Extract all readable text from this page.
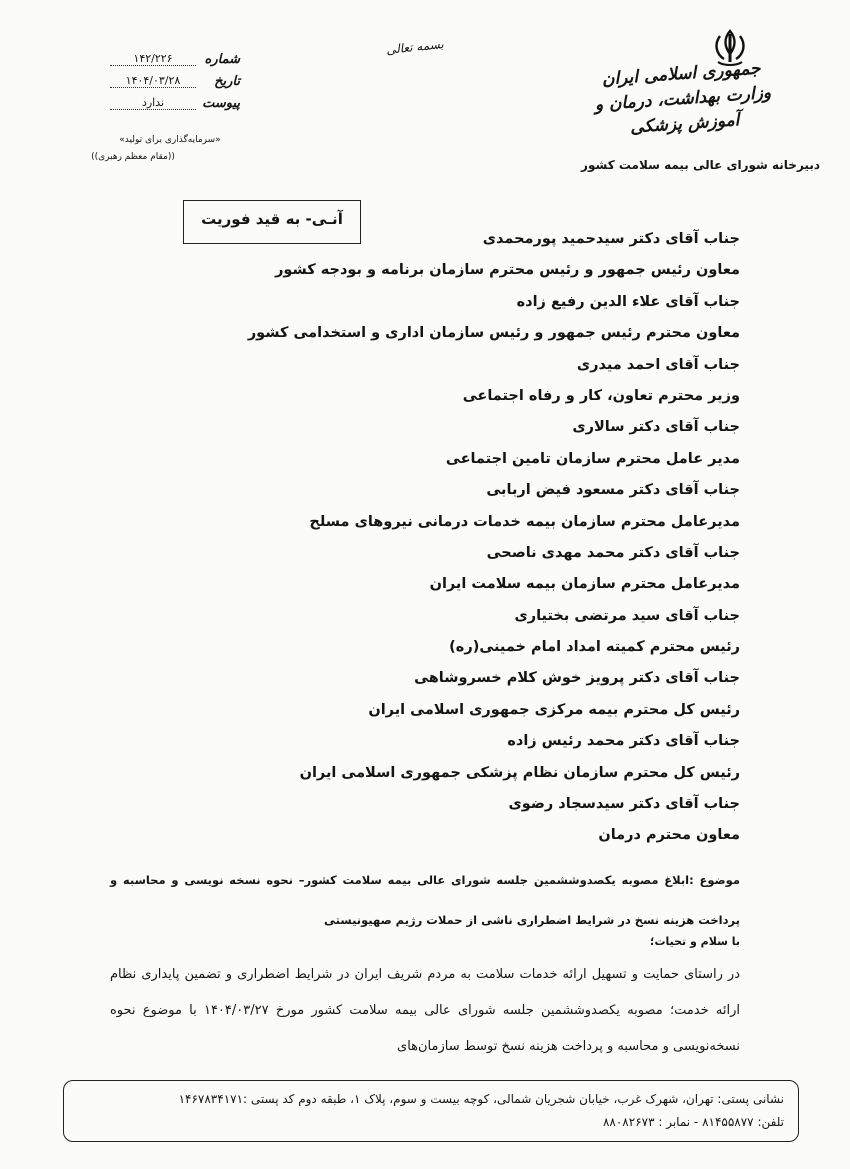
جمهوری اسلامی ایران
وزارت بهداشت، درمان و آموزش پزشکی
دبیرخانه شورای عالی بیمه سلامت کشور
بسمه تعالی
شماره
۱۴۲/۲۲۶
تاریخ
۱۴۰۴/۰۳/۲۸
پیوست
ندارد
«سرمایه‌گذاری برای تولید»
((مقام معظم رهبری))
آنـی- به قید فوریت
جناب آقای دکتر سیدحمید پورمحمدی
معاون رئیس جمهور و رئیس محترم سازمان برنامه و بودجه کشور
جناب آقای علاء الدین رفیع زاده
معاون محترم رئیس جمهور و رئیس سازمان اداری و استخدامی کشور
جناب آقای احمد میدری
وزیر محترم تعاون، کار و رفاه اجتماعی
جناب آقای دکتر سالاری
مدیر عامل محترم سازمان تامین اجتماعی
جناب آقای دکتر مسعود فیض اربابی
مدیرعامل محترم سازمان بیمه خدمات درمانی نیروهای مسلح
جناب آقای دکتر محمد مهدی ناصحی
مدیرعامل محترم سازمان بیمه سلامت ایران
جناب آقای سید مرتضی بختیاری
رئیس محترم کمیته امداد امام خمینی(ره)
جناب آقای دکتر پرویز خوش کلام خسروشاهی
رئیس کل محترم بیمه مرکزی جمهوری اسلامی ایران
جناب آقای دکتر محمد رئیس زاده
رئیس کل محترم سازمان نظام پزشکی جمهوری اسلامی ایران
جناب آقای دکتر سیدسجاد رضوی
معاون محترم درمان
موضوع :ابلاغ مصوبه یکصدوششمین جلسه شورای عالی بیمه سلامت کشور– نحوه نسخه نویسی و محاسبه و پرداخت هزینه نسخ در شرایط اضطراری ناشی از حملات رژیم صهیونیستی
با سلام و تحیات؛
در راستای حمایت و تسهیل ارائه خدمات سلامت به مردم شریف ایران در شرایط اضطراری و تضمین پایداری نظام ارائه خدمت؛ مصوبه یکصدوششمین جلسه شورای عالی بیمه سلامت کشور مورخ ۱۴۰۴/۰۳/۲۷ با موضوع نحوه نسخه‌نویسی و محاسبه و پرداخت هزینه نسخ توسط سازمان‌های
نشانی پستی: تهران، شهرک غرب، خیابان شجریان شمالی، کوچه بیست و سوم، پلاک ۱، طبقه دوم کد پستی :۱۴۶۷۸۳۴۱۷۱
تلفن: ۸۱۴۵۵۸۷۷ - نمابر : ۸۸۰۸۲۶۷۳
